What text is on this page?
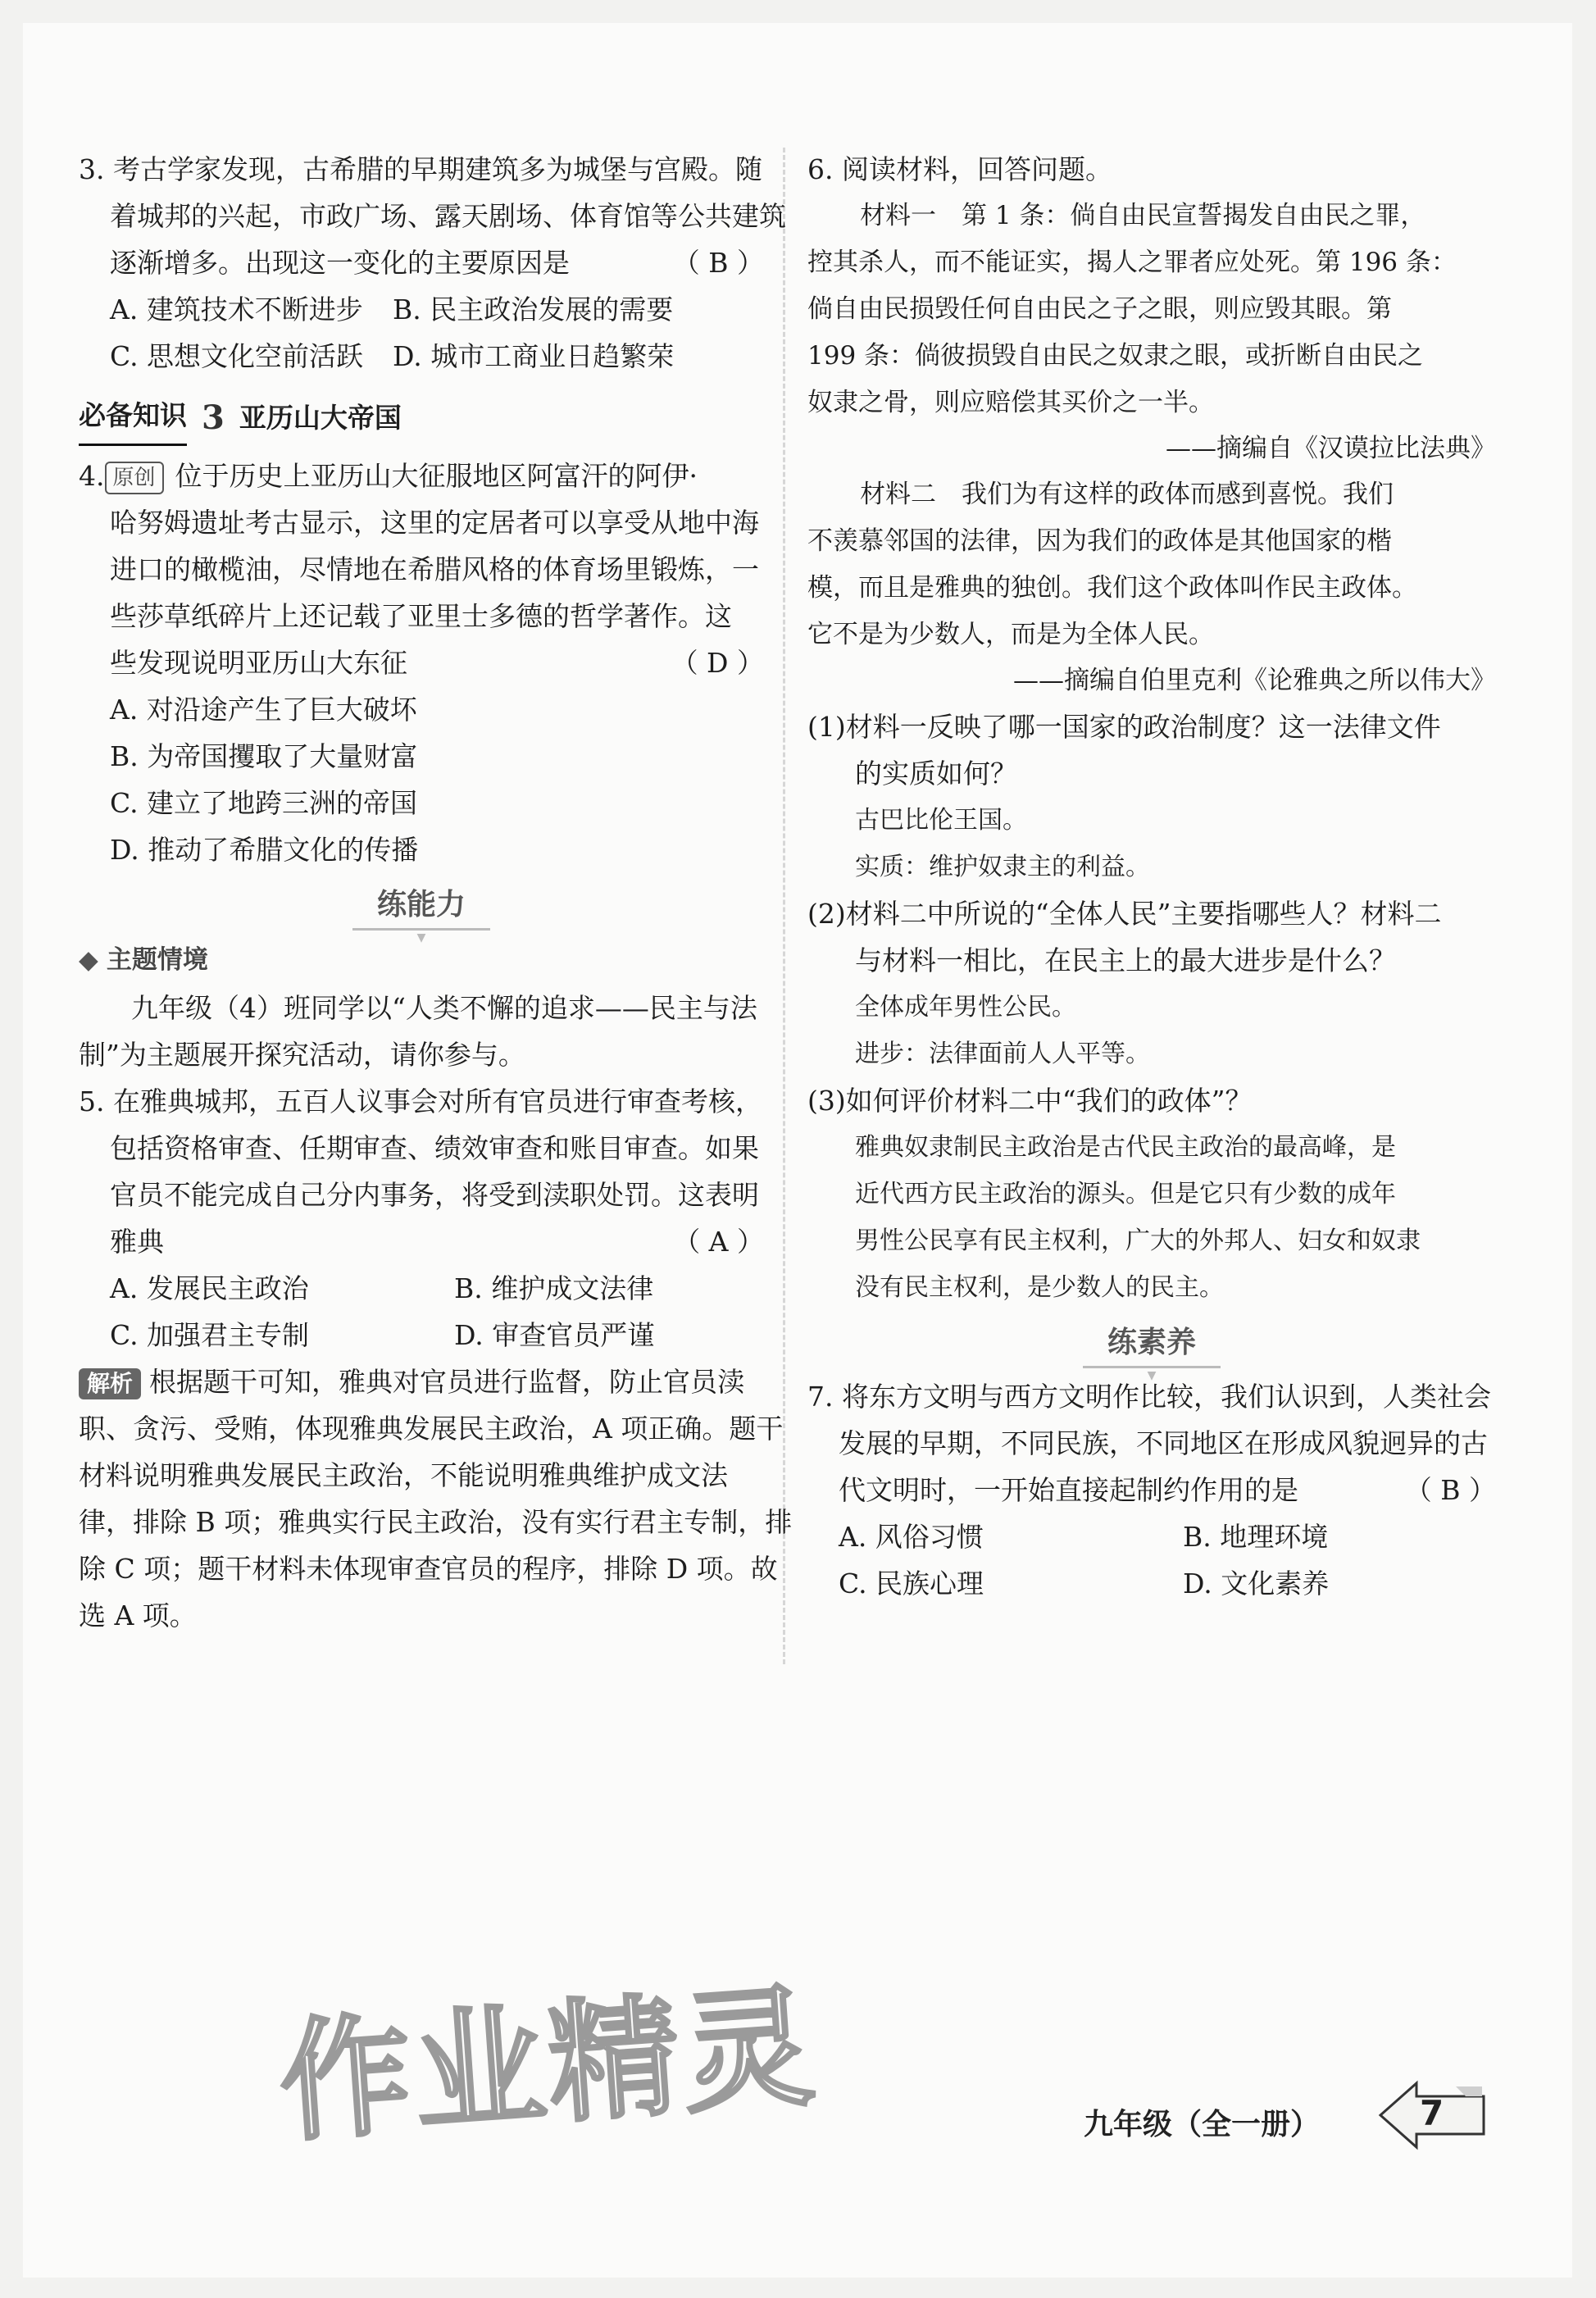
3. 考古学家发现，古希腊的早期建筑多为城堡与宫殿。随
着城邦的兴起，市政广场、露天剧场、体育馆等公共建筑
逐渐增多。出现这一变化的主要原因是	（ B ）
A. 建筑技术不断进步	B. 民主政治发展的需要
C. 思想文化空前活跃	D. 城市工商业日趋繁荣
必备知识 3 亚历山大帝国
4. 原创 位于历史上亚历山大征服地区阿富汗的阿伊·
哈努姆遗址考古显示，这里的定居者可以享受从地中海
进口的橄榄油，尽情地在希腊风格的体育场里锻炼，一
些莎草纸碎片上还记载了亚里士多德的哲学著作。这
些发现说明亚历山大东征	（ D ）
A. 对沿途产生了巨大破坏
B. 为帝国攫取了大量财富
C. 建立了地跨三洲的帝国
D. 推动了希腊文化的传播
练能力 ▼
◆ 主题情境
九年级（4）班同学以“人类不懈的追求——民主与法
制”为主题展开探究活动，请你参与。
5. 在雅典城邦，五百人议事会对所有官员进行审查考核，
包括资格审查、任期审查、绩效审查和账目审查。如果
官员不能完成自己分内事务，将受到渎职处罚。这表明
雅典	（ A ）
A. 发展民主政治	B. 维护成文法律
C. 加强君主专制	D. 审查官员严谨
解析 根据题干可知，雅典对官员进行监督，防止官员渎
职、贪污、受贿，体现雅典发展民主政治，A 项正确。题干
材料说明雅典发展民主政治，不能说明雅典维护成文法
律，排除 B 项；雅典实行民主政治，没有实行君主专制，排
除 C 项；题干材料未体现审查官员的程序，排除 D 项。故
选 A 项。
6. 阅读材料，回答问题。
材料一　第 1 条：倘自由民宣誓揭发自由民之罪，
控其杀人，而不能证实，揭人之罪者应处死。第 196 条：
倘自由民损毁任何自由民之子之眼，则应毁其眼。第
199 条：倘彼损毁自由民之奴隶之眼，或折断自由民之
奴隶之骨，则应赔偿其买价之一半。
——摘编自《汉谟拉比法典》
材料二　我们为有这样的政体而感到喜悦。我们
不羡慕邻国的法律，因为我们的政体是其他国家的楷
模，而且是雅典的独创。我们这个政体叫作民主政体。
它不是为少数人，而是为全体人民。
——摘编自伯里克利《论雅典之所以伟大》
(1)材料一反映了哪一国家的政治制度？这一法律文件
的实质如何？
古巴比伦王国。
实质：维护奴隶主的利益。
(2)材料二中所说的“全体人民”主要指哪些人？材料二
与材料一相比，在民主上的最大进步是什么？
全体成年男性公民。
进步：法律面前人人平等。
(3)如何评价材料二中“我们的政体”？
雅典奴隶制民主政治是古代民主政治的最高峰，是
近代西方民主政治的源头。但是它只有少数的成年
男性公民享有民主权利，广大的外邦人、妇女和奴隶
没有民主权利，是少数人的民主。
练素养 ▼
7. 将东方文明与西方文明作比较，我们认识到，人类社会
发展的早期，不同民族，不同地区在形成风貌迥异的古
代文明时，一开始直接起制约作用的是	（ B ）
A. 风俗习惯	B. 地理环境
C. 民族心理	D. 文化素养
作业精灵	九年级（全一册）	7
